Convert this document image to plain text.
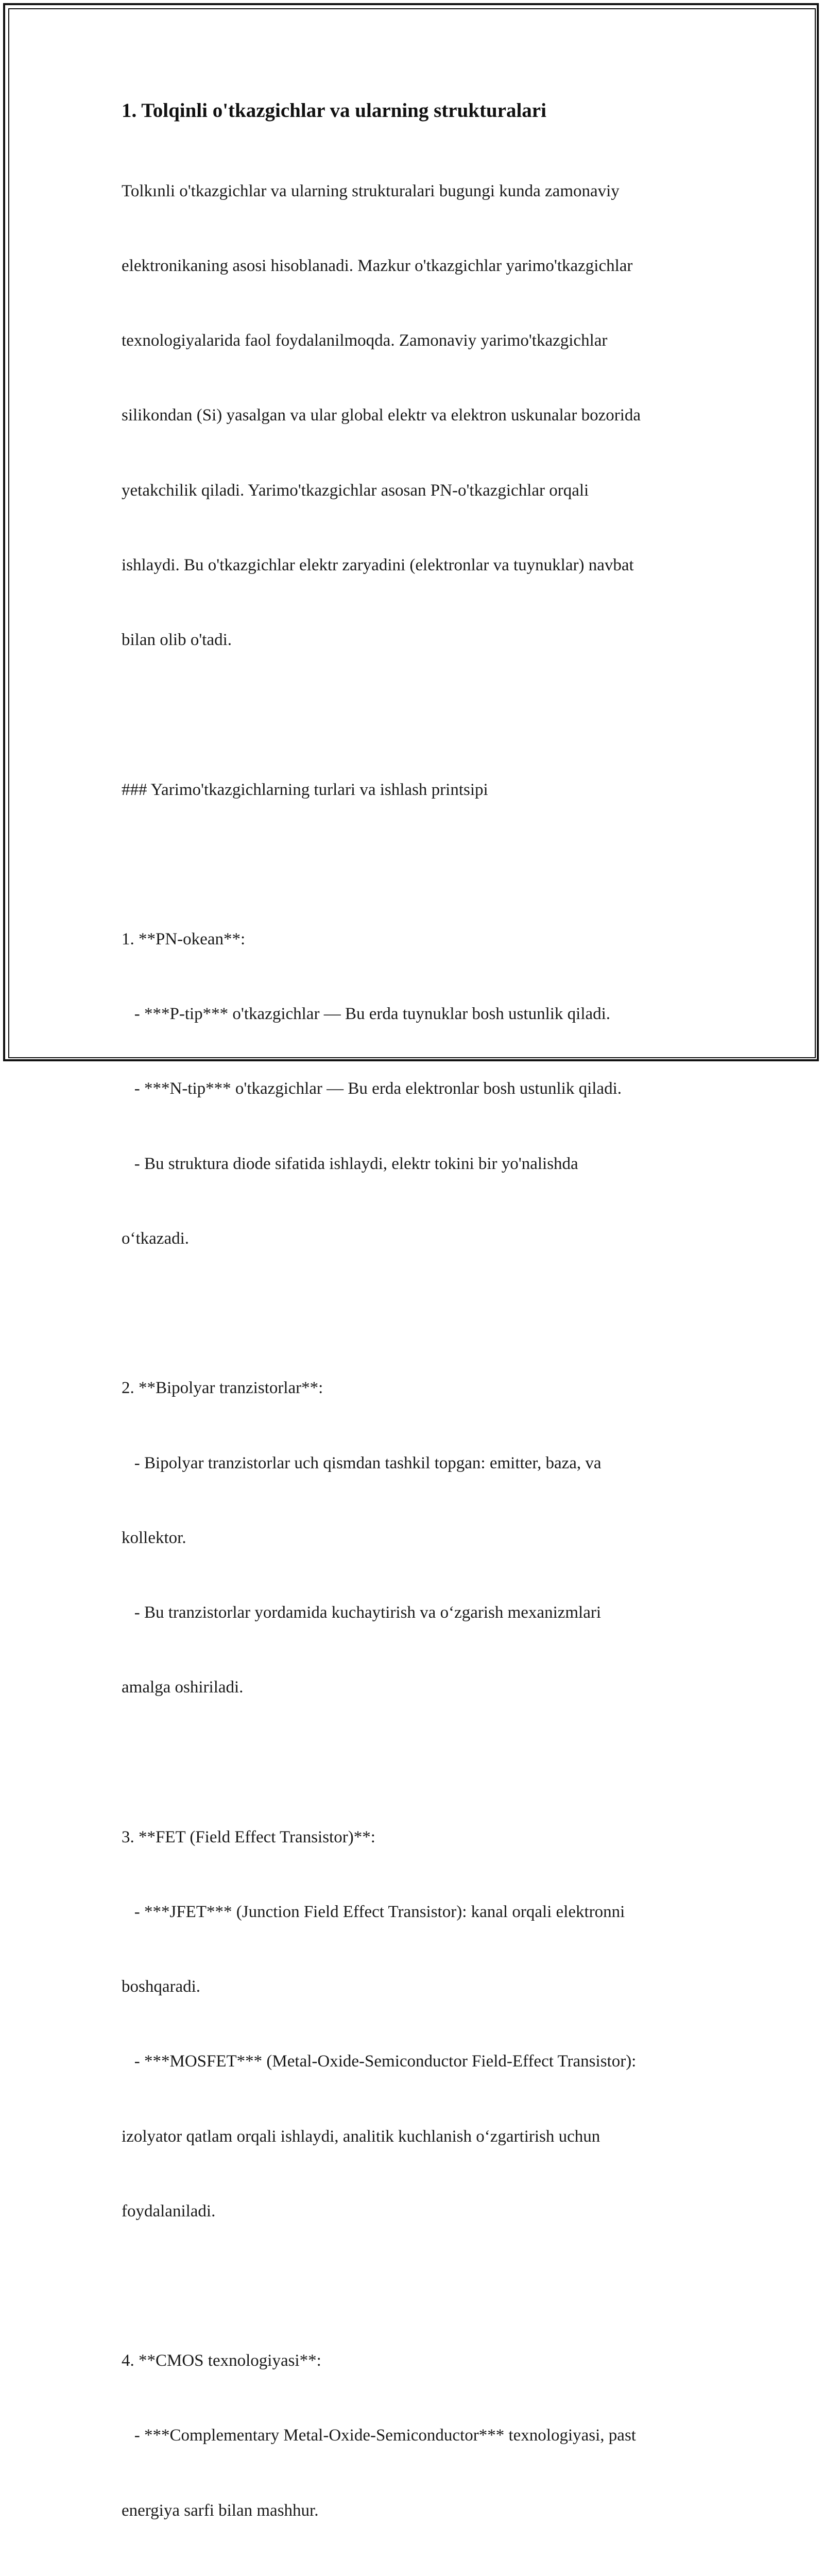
1. Tolqinli o'tkazgichlar va ularning strukturalari

Tolkınli o'tkazgichlar va ularning strukturalari bugungi kunda zamonaviy

elektronikaning asosi hisoblanadi. Mazkur o'tkazgichlar yarimo'tkazgichlar

texnologiyalarida faol foydalanilmoqda. Zamonaviy yarimo'tkazgichlar

silikondan (Si) yasalgan va ular global elektr va elektron uskunalar bozorida

yetakchilik qiladi. Yarimo'tkazgichlar asosan PN-o'tkazgichlar orqali

ishlaydi. Bu o'tkazgichlar elektr zaryadini (elektronlar va tuynuklar) navbat

bilan olib o'tadi.

### Yarimo'tkazgichlarning turlari va ishlash printsipi

1. **PN-okean**:

- ***P-tip*** o'tkazgichlar — Bu erda tuynuklar bosh ustunlik qiladi.

- ***N-tip*** o'tkazgichlar — Bu erda elektronlar bosh ustunlik qiladi.

- Bu struktura diode sifatida ishlaydi, elektr tokini bir yo'nalishda

o‘tkazadi.

2. **Bipolyar tranzistorlar**:

- Bipolyar tranzistorlar uch qismdan tashkil topgan: emitter, baza, va

kollektor.

- Bu tranzistorlar yordamida kuchaytirish va o‘zgarish mexanizmlari

amalga oshiriladi.

3. **FET (Field Effect Transistor)**:

- ***JFET*** (Junction Field Effect Transistor): kanal orqali elektronni

boshqaradi.

- ***MOSFET*** (Metal-Oxide-Semiconductor Field-Effect Transistor):

izolyator qatlam orqali ishlaydi, analitik kuchlanish o‘zgartirish uchun

foydalaniladi.

4. **CMOS texnologiyasi**:

- ***Complementary Metal-Oxide-Semiconductor*** texnologiyasi, past

energiya sarfi bilan mashhur.
